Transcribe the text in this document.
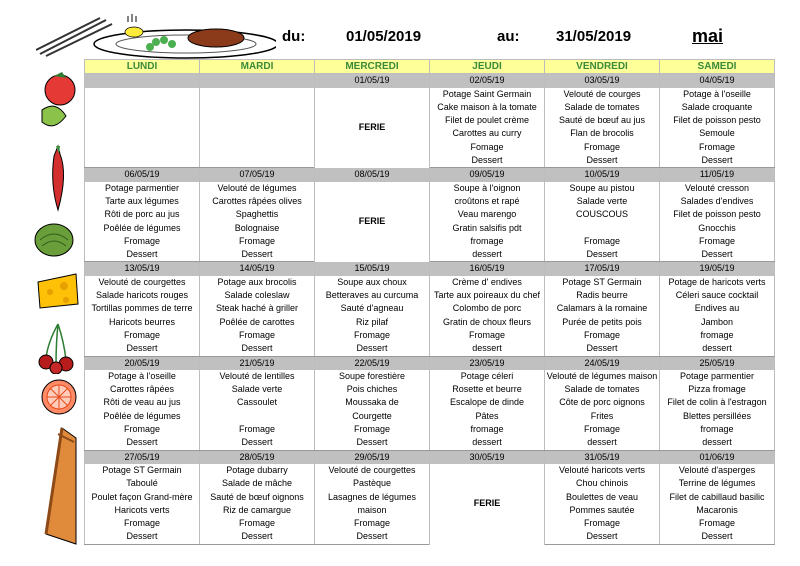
du:	01/05/2019	au: 31/05/2019	mai
LUNDI	MARDI	MERCREDI	JEUDI	VENDREDI	SAMEDI
		01/05/19	02/05/19	03/05/19	04/05/19
		FERIE	Potage Saint Germain	Velouté de courges	Potage à l'oseille
			Cake maison à la tomate	Salade de tomates	Salade croquante
			Filet de poulet crème	Sauté de bœuf au jus	Filet de poisson pesto
			Carottes au curry	Flan de brocolis	Semoule
			Fomage	Fromage	Fromage
			Dessert	Dessert	Dessert
06/05/19	07/05/19	08/05/19	09/05/19	10/05/19	11/05/19
Potage parmentier	Velouté de légumes	FERIE	Soupe à l'oignon	Soupe au pistou	Velouté cresson
Tarte aux légumes	Carottes râpées olives		croûtons et rapé	Salade verte	Salades d'endives
Rôti de porc au jus	Spaghettis		Veau marengo	COUSCOUS	Filet de poisson pesto
Poêlée de légumes	Bolognaise		Gratin salsifis pdt		Gnocchis
Fromage	Fromage		fromage	Fromage	Fromage
Dessert	Dessert		dessert	Dessert	Dessert
13/05/19	14/05/19	15/05/19	16/05/19	17/05/19	19/05/19
Velouté de courgettes	Potage aux brocolis	Soupe aux choux	Crème d' endives	Potage ST Germain	Potage de haricots verts
Salade haricots rouges	Salade coleslaw	Betteraves au curcuma	Tarte aux poireaux du chef	Radis beurre	Céleri sauce cocktail
Tortillas pommes de terre	Steak haché à griller	Sauté d'agneau	Colombo de porc	Calamars à la romaine	Endives au
Haricots beurres	Poêlée de carottes	Riz pilaf	Gratin de choux fleurs	Purée de petits pois	Jambon
Fromage	Fromage	Fromage	Fromage	Fromage	fromage
Dessert	Dessert	Dessert	dessert	Dessert	dessert
20/05/19	21/05/19	22/05/19	23/05/19	24/05/19	25/05/19
Potage à l'oseille	Velouté de lentilles	Soupe forestière	Potage céleri	Velouté de légumes maison	Potage parmentier
Carottes râpées	Salade verte	Pois chiches	Rosette et beurre	Salade de tomates	Pizza fromage
Rôti de veau au jus	Cassoulet	Moussaka de	Escalope de dinde	Côte de porc oignons	Filet de colin à l'estragon
Poêlée de légumes		Courgette	Pâtes	Frites	Blettes persillées
Fromage	Fromage	Fromage	fromage	Fromage	fromage
Dessert	Dessert	Dessert	dessert	dessert	dessert
27/05/19	28/05/19	29/05/19	30/05/19	31/05/19	01/06/19
Potage ST Germain	Potage dubarry	Velouté de courgettes	FERIE	Velouté haricots verts	Velouté d'asperges
Taboulé	Salade de mâche	Pastèque		Chou chinois	Terrine de légumes
Poulet façon Grand-mère	Sauté de bœuf oignons	Lasagnes de légumes		Boulettes de veau	Filet de cabillaud basilic
Haricots verts	Riz de camargue	maison		Pommes sautée	Macaronis
Fromage	Fromage	Fromage		Fromage	Fromage
Dessert	Dessert	Dessert		Dessert	Dessert
